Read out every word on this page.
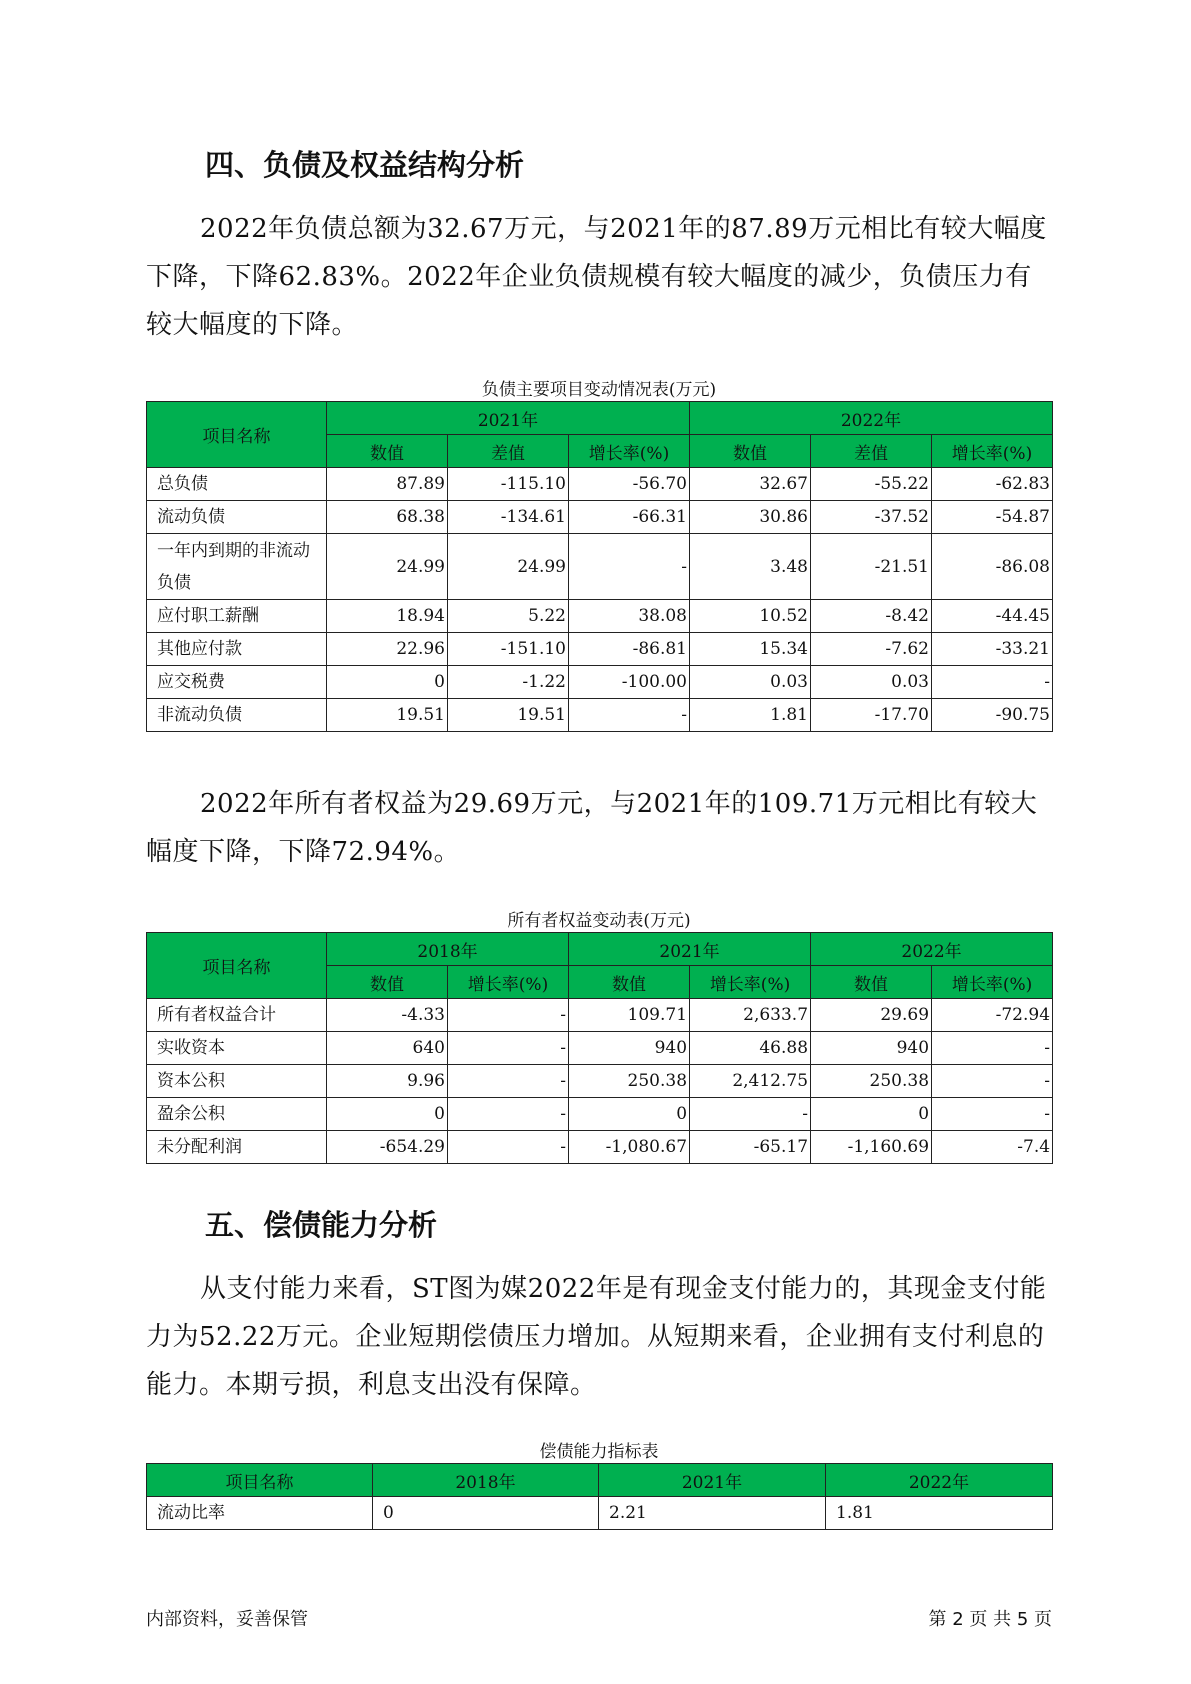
四、负债及权益结构分析

2022年负债总额为32.67万元，与2021年的87.89万元相比有较大幅度下降，下降62.83%。2022年企业负债规模有较大幅度的减少，负债压力有较大幅度的下降。

负债主要项目变动情况表(万元)

项目名称	2021年			2022年		
	数值	差值	增长率(%)	数值	差值	增长率(%)
总负债	87.89	-115.10	-56.70	32.67	-55.22	-62.83
流动负债	68.38	-134.61	-66.31	30.86	-37.52	-54.87
一年内到期的非流动负债	24.99	24.99	-	3.48	-21.51	-86.08
应付职工薪酬	18.94	5.22	38.08	10.52	-8.42	-44.45
其他应付款	22.96	-151.10	-86.81	15.34	-7.62	-33.21
应交税费	0	-1.22	-100.00	0.03	0.03	-
非流动负债	19.51	19.51	-	1.81	-17.70	-90.75

2022年所有者权益为29.69万元，与2021年的109.71万元相比有较大幅度下降，下降72.94%。

所有者权益变动表(万元)

项目名称	2018年		2021年		2022年	
	数值	增长率(%)	数值	增长率(%)	数值	增长率(%)
所有者权益合计	-4.33	-	109.71	2,633.7	29.69	-72.94
实收资本	640	-	940	46.88	940	-
资本公积	9.96	-	250.38	2,412.75	250.38	-
盈余公积	0	-	0	-	0	-
未分配利润	-654.29	-	-1,080.67	-65.17	-1,160.69	-7.4
五、偿债能力分析

从支付能力来看，ST图为媒2022年是有现金支付能力的，其现金支付能力为52.22万元。企业短期偿债压力增加。从短期来看，企业拥有支付利息的能力。本期亏损，利息支出没有保障。

偿债能力指标表

项目名称	2018年	2021年	2022年
流动比率	0	2.21	1.81

内部资料，妥善保管	第 2 页 共 5 页
